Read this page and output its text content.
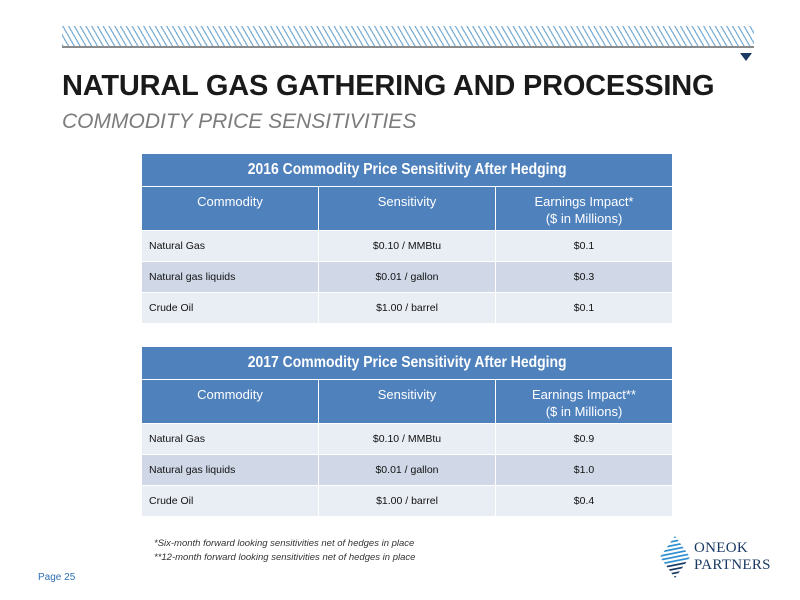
NATURAL GAS GATHERING AND PROCESSING
COMMODITY PRICE SENSITIVITIES
2016 Commodity Price Sensitivity After Hedging		
Commodity	Sensitivity	Earnings Impact*
($ in Millions)

Natural Gas	$0.10 / MMBtu	$0.1
Natural gas liquids	$0.01 / gallon	$0.3
Crude Oil	$1.00 / barrel	$0.1
2017 Commodity Price Sensitivity After Hedging		
Commodity	Sensitivity	Earnings Impact**
($ in Millions)

Natural Gas	$0.10 / MMBtu	$0.9
Natural gas liquids	$0.01 / gallon	$1.0
Crude Oil	$1.00 / barrel	$0.4
*Six-month forward looking sensitivities net of hedges in place
**12-month forward looking sensitivities net of hedges in place
Page 25
ONEOK
PARTNERS
